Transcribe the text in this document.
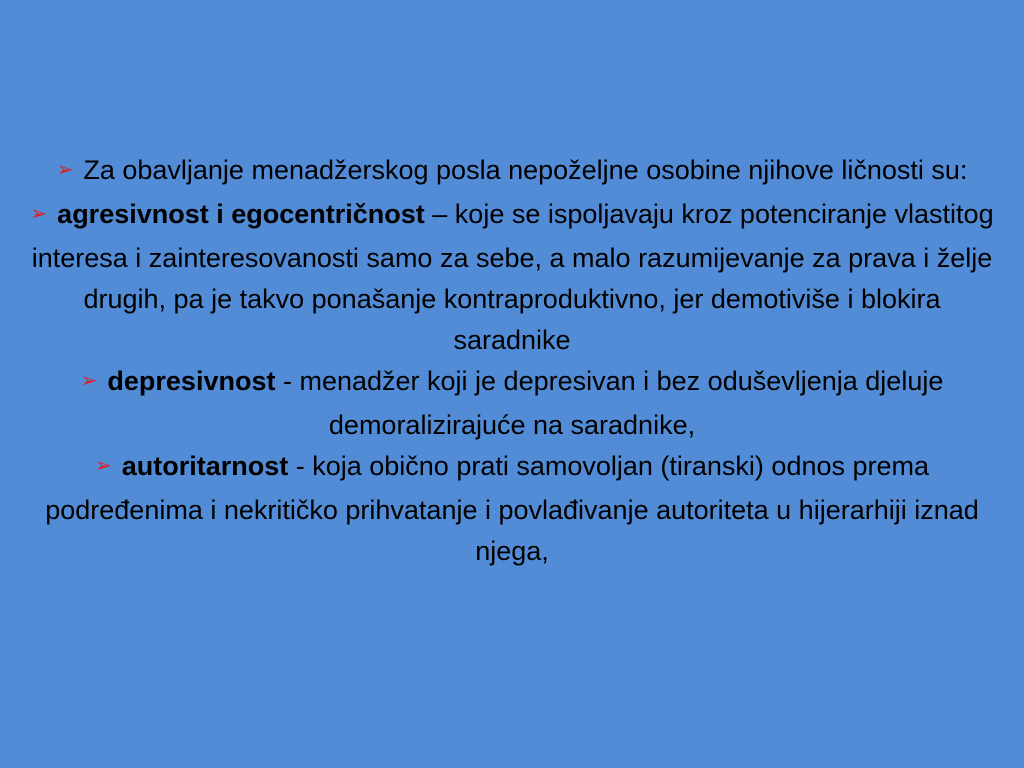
➢ Za obavljanje menadžerskog posla nepoželjne osobine njihove ličnosti su:
➢ agresivnost i egocentričnost – koje se ispoljavaju kroz potenciranje vlastitog interesa i zainteresovanosti samo za sebe, a malo razumijevanje za prava i želje drugih, pa je takvo ponašanje kontraproduktivno, jer demotiviše i blokira saradnike
➢ depresivnost - menadžer koji je depresivan i bez oduševljenja djeluje demoralizirajuće na saradnike,
➢ autoritarnost - koja obično prati samovoljan (tiranski) odnos prema podređenima i nekritičko prihvatanje i povlađivanje autoriteta u hijerarhiji iznad njega,
